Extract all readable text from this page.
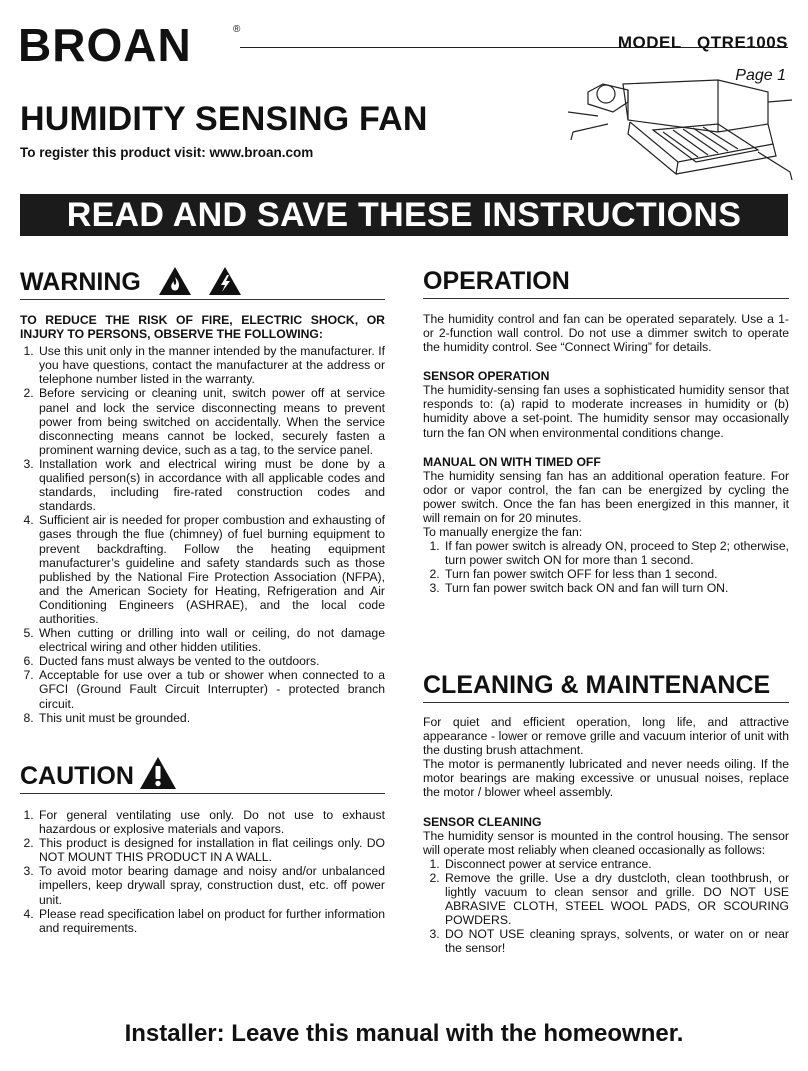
BROAN	®
MODEL   QTRE100S
Page 1
HUMIDITY SENSING FAN
To register this product visit: www.broan.com
READ AND SAVE THESE INSTRUCTIONS
WARNING
TO REDUCE THE RISK OF FIRE, ELECTRIC SHOCK, OR INJURY TO PERSONS, OBSERVE THE FOLLOWING:
1. Use this unit only in the manner intended by the manufacturer. If you have questions, contact the manufacturer at the address or telephone number listed in the warranty.
2. Before servicing or cleaning unit, switch power off at service panel and lock the service disconnecting means to prevent power from being switched on accidentally. When the service disconnecting means cannot be locked, securely fasten a prominent warning device, such as a tag, to the service panel.
3. Installation work and electrical wiring must be done by a qualified person(s) in accordance with all applicable codes and standards, including fire-rated construction codes and standards.
4. Sufficient air is needed for proper combustion and exhausting of gases through the flue (chimney) of fuel burning equipment to prevent backdrafting. Follow the heating equipment manufacturer’s guideline and safety standards such as those published by the National Fire Protection Association (NFPA), and the American Society for Heating, Refrigeration and Air Conditioning Engineers (ASHRAE), and the local code authorities.
5. When cutting or drilling into wall or ceiling, do not damage electrical wiring and other hidden utilities.
6. Ducted fans must always be vented to the outdoors.
7. Acceptable for use over a tub or shower when connected to a GFCI (Ground Fault Circuit Interrupter) - protected branch circuit.
8. This unit must be grounded.
CAUTION
1. For general ventilating use only. Do not use to exhaust hazardous or explosive materials and vapors.
2. This product is designed for installation in flat ceilings only. DO NOT MOUNT THIS PRODUCT IN A WALL.
3. To avoid motor bearing damage and noisy and/or unbalanced impellers, keep drywall spray, construction dust, etc. off power unit.
4. Please read specification label on product for further information and requirements.
OPERATION
The humidity control and fan can be operated separately. Use a 1- or 2-function wall control. Do not use a dimmer switch to operate the humidity control. See “Connect Wiring” for details.
SENSOR OPERATION
The humidity-sensing fan uses a sophisticated humidity sensor that responds to: (a) rapid to moderate increases in humidity or (b) humidity above a set-point. The humidity sensor may occasionally turn the fan ON when environmental conditions change.
MANUAL ON WITH TIMED OFF
The humidity sensing fan has an additional operation feature. For odor or vapor control, the fan can be energized by cycling the power switch. Once the fan has been energized in this manner, it will remain on for 20 minutes.
To manually energize the fan:
1. If fan power switch is already ON, proceed to Step 2; otherwise, turn power switch ON for more than 1 second.
2. Turn fan power switch OFF for less than 1 second.
3. Turn fan power switch back ON and fan will turn ON.
CLEANING & MAINTENANCE
For quiet and efficient operation, long life, and attractive appearance - lower or remove grille and vacuum interior of unit with the dusting brush attachment.
The motor is permanently lubricated and never needs oiling. If the motor bearings are making excessive or unusual noises, replace the motor / blower wheel assembly.
SENSOR CLEANING
The humidity sensor is mounted in the control housing. The sensor will operate most reliably when cleaned occasionally as follows:
1. Disconnect power at service entrance.
2. Remove the grille. Use a dry dustcloth, clean toothbrush, or lightly vacuum to clean sensor and grille. DO NOT USE ABRASIVE CLOTH, STEEL WOOL PADS, OR SCOURING POWDERS.
3. DO NOT USE cleaning sprays, solvents, or water on or near the sensor!
Installer: Leave this manual with the homeowner.
